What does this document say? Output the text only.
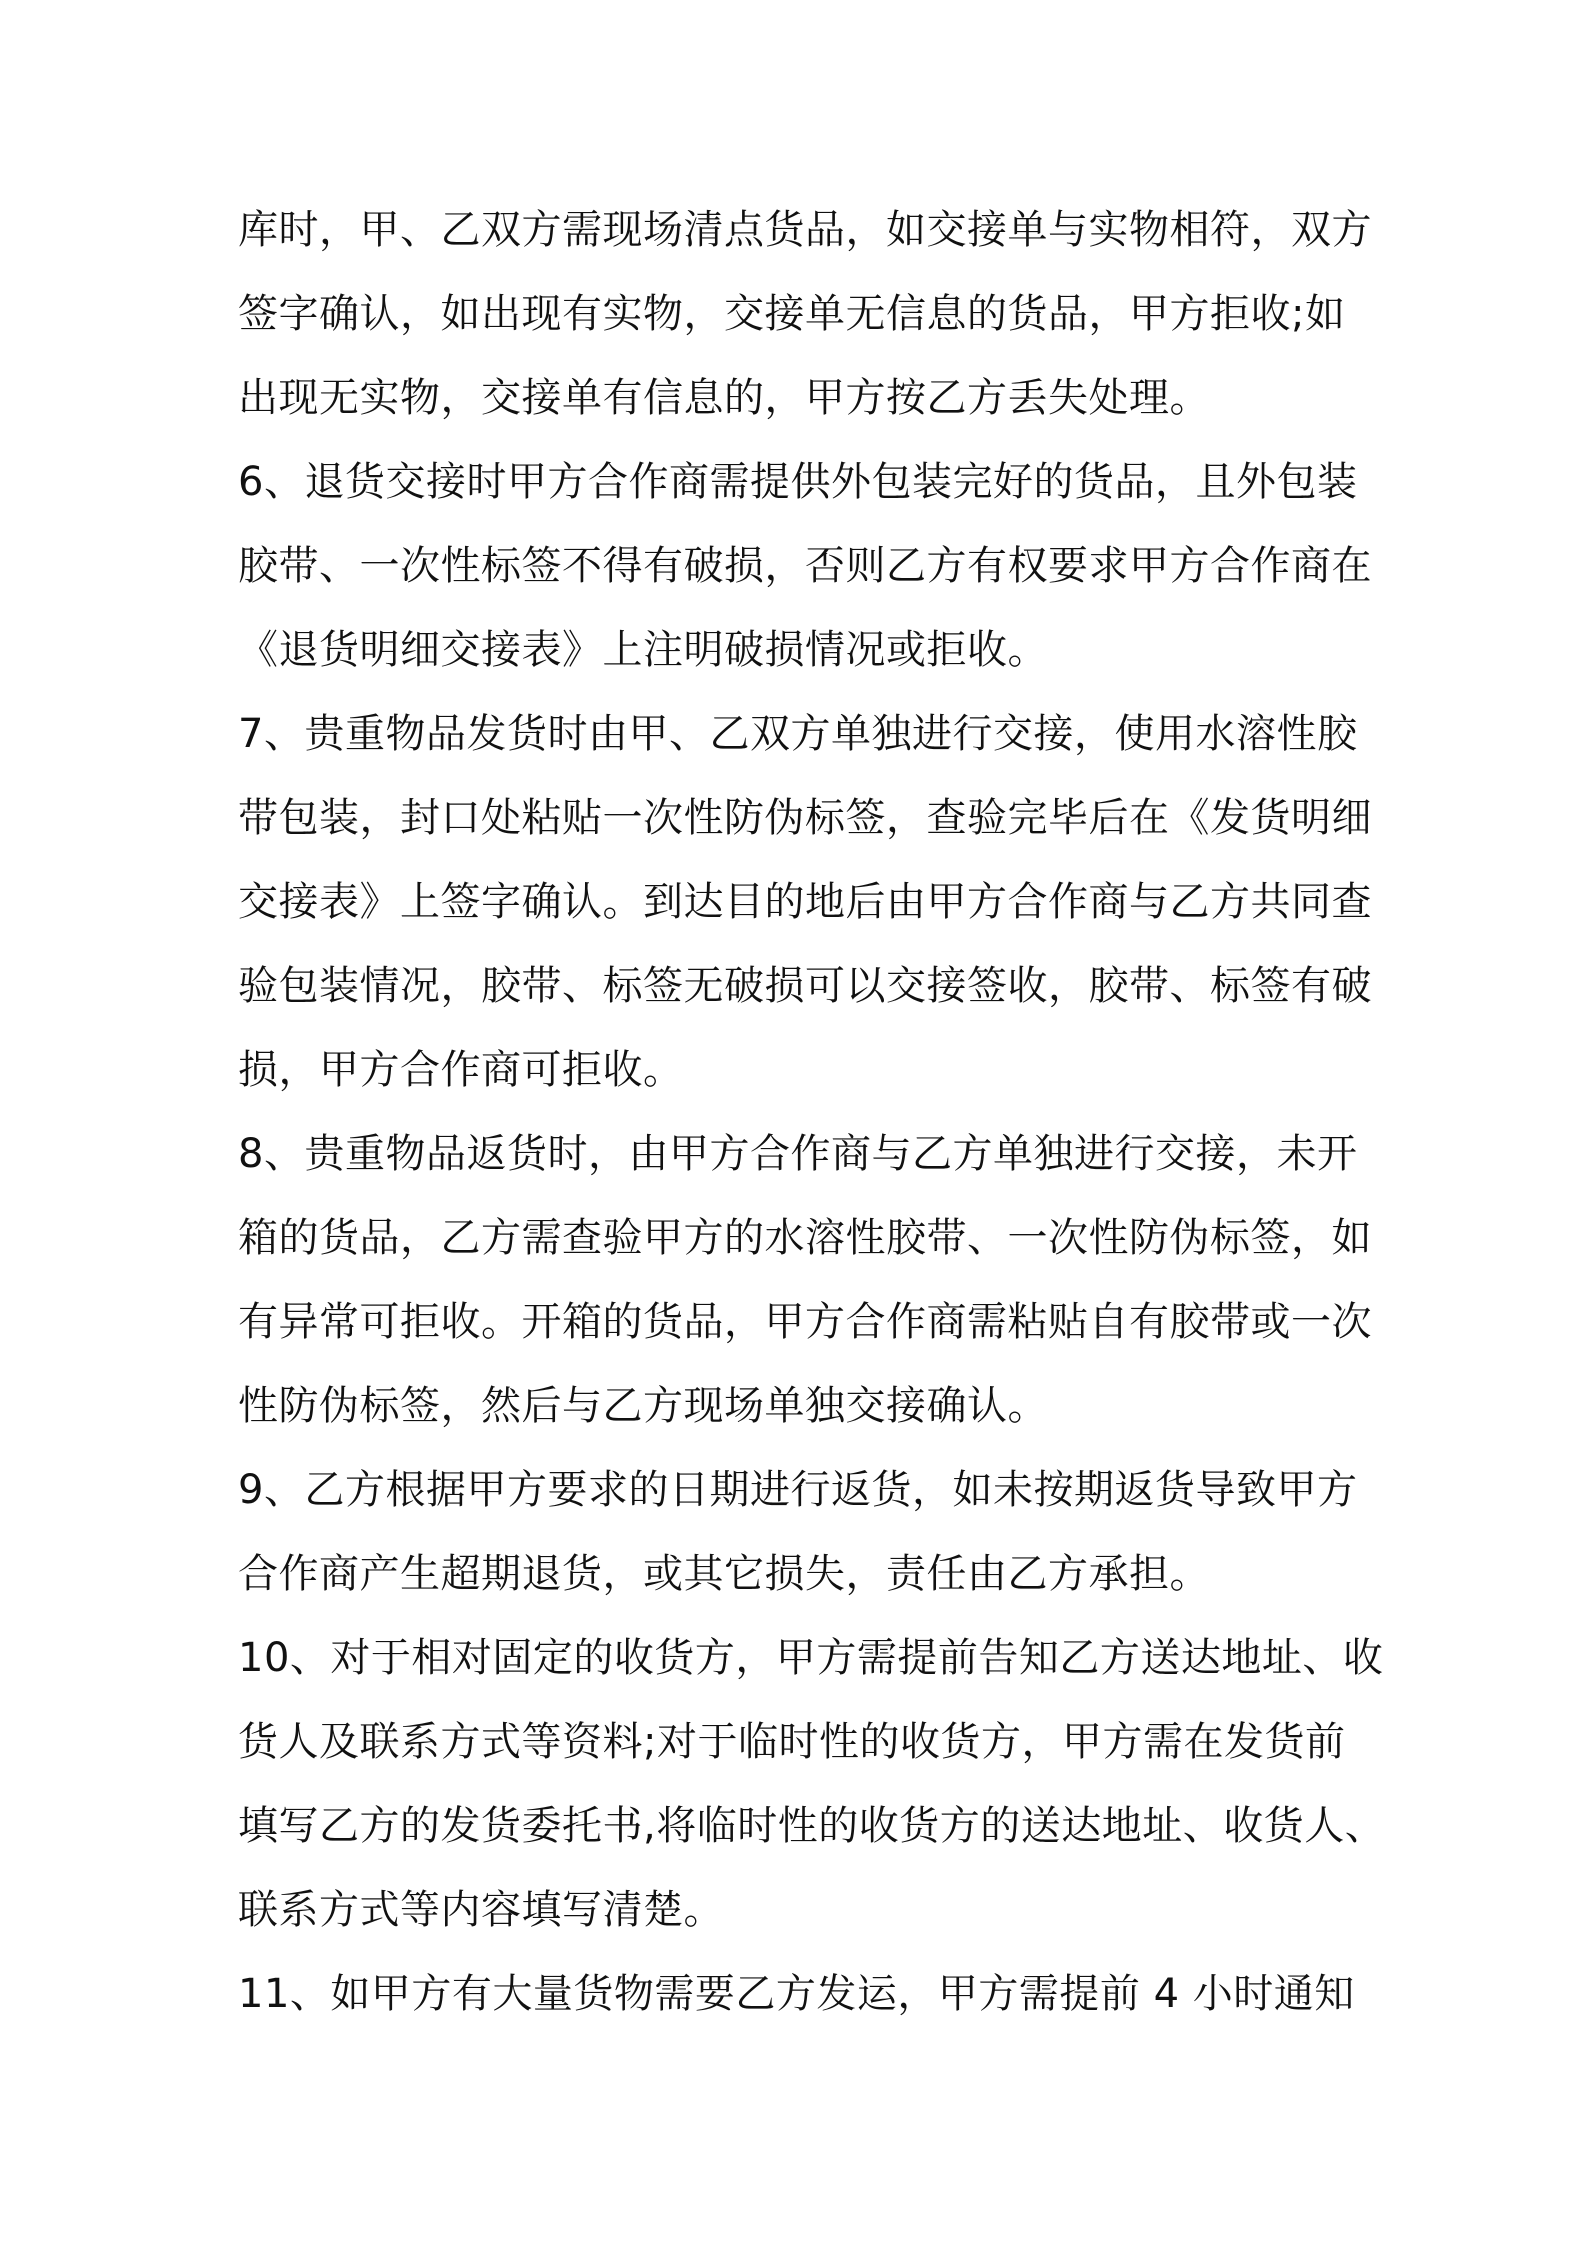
库时，甲、乙双方需现场清点货品，如交接单与实物相符，双方
签字确认，如出现有实物，交接单无信息的货品，甲方拒收;如
出现无实物，交接单有信息的，甲方按乙方丢失处理。
6、退货交接时甲方合作商需提供外包装完好的货品，且外包装
胶带、一次性标签不得有破损，否则乙方有权要求甲方合作商在
《退货明细交接表》上注明破损情况或拒收。
7、贵重物品发货时由甲、乙双方单独进行交接，使用水溶性胶
带包装，封口处粘贴一次性防伪标签，查验完毕后在《发货明细
交接表》上签字确认。到达目的地后由甲方合作商与乙方共同查
验包装情况，胶带、标签无破损可以交接签收，胶带、标签有破
损，甲方合作商可拒收。
8、贵重物品返货时，由甲方合作商与乙方单独进行交接，未开
箱的货品，乙方需查验甲方的水溶性胶带、一次性防伪标签，如
有异常可拒收。开箱的货品，甲方合作商需粘贴自有胶带或一次
性防伪标签，然后与乙方现场单独交接确认。
9、乙方根据甲方要求的日期进行返货，如未按期返货导致甲方
合作商产生超期退货，或其它损失，责任由乙方承担。
10、对于相对固定的收货方，甲方需提前告知乙方送达地址、收
货人及联系方式等资料;对于临时性的收货方，甲方需在发货前
填写乙方的发货委托书,将临时性的收货方的送达地址、收货人、
联系方式等内容填写清楚。
11、如甲方有大量货物需要乙方发运，甲方需提前 4 小时通知
